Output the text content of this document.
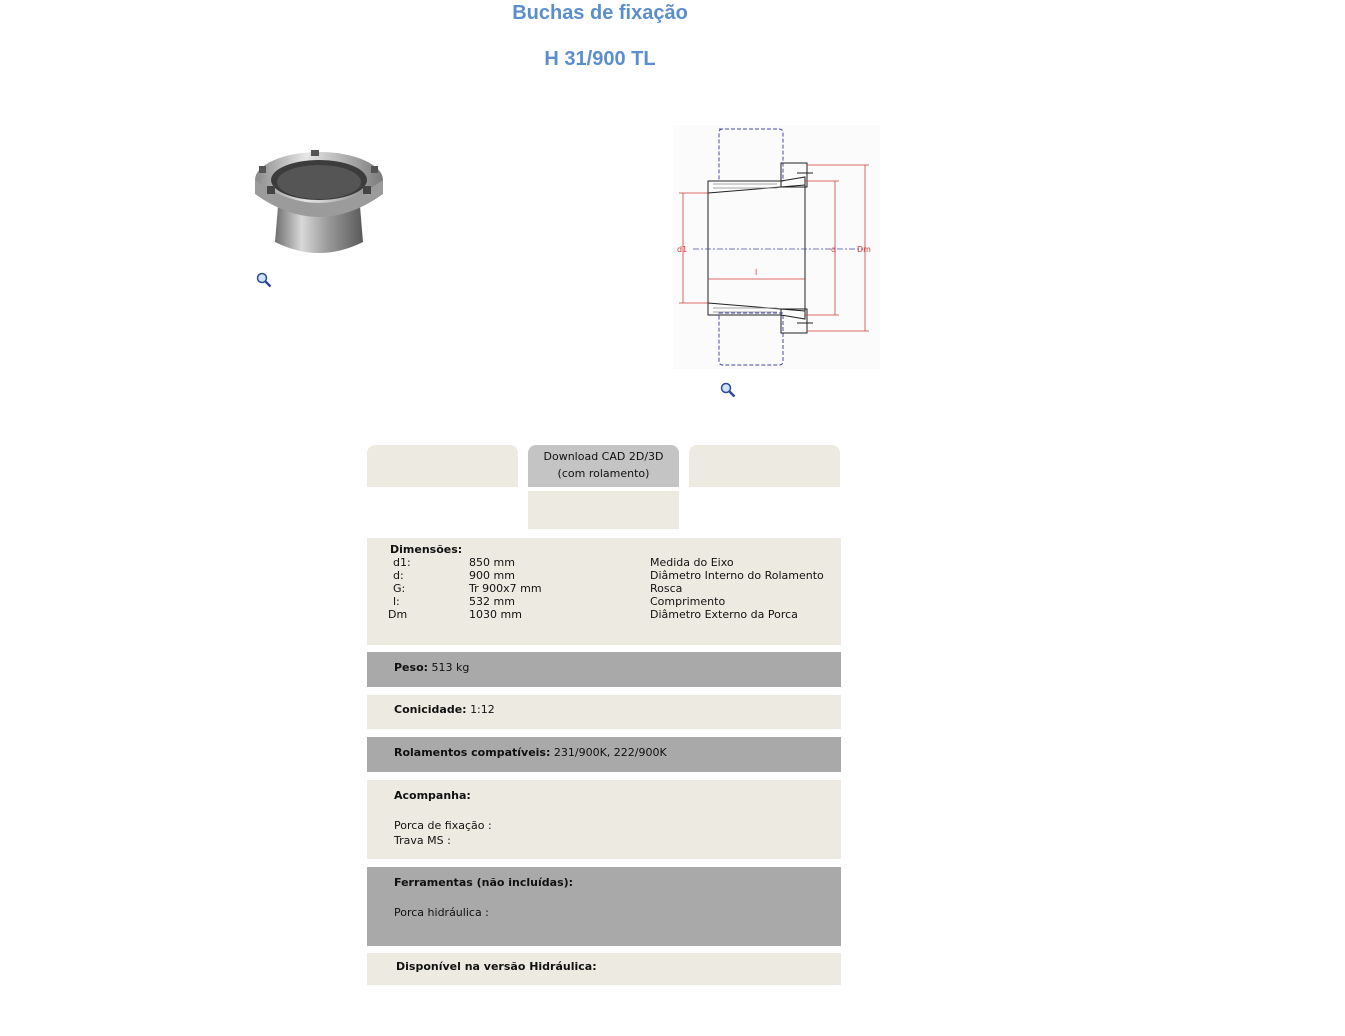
Buchas de fixação
H 31/900 TL
d1	d	Dm
l
Download CAD 2D/3D
(com rolamento)
Dimensões:
d1:	850 mm	Medida do Eixo
d:	900 mm	Diâmetro Interno do Rolamento
G:	Tr 900x7 mm	Rosca
l:	532 mm	Comprimento
Dm	1030 mm	Diâmetro Externo da Porca
Peso: 513 kg
Conicidade: 1:12
Rolamentos compatíveis: 231/900K, 222/900K
Acompanha:

Porca de fixação :
Trava MS :
Ferramentas (não incluídas):

Porca hidráulica :
Disponível na versão Hidráulica:
